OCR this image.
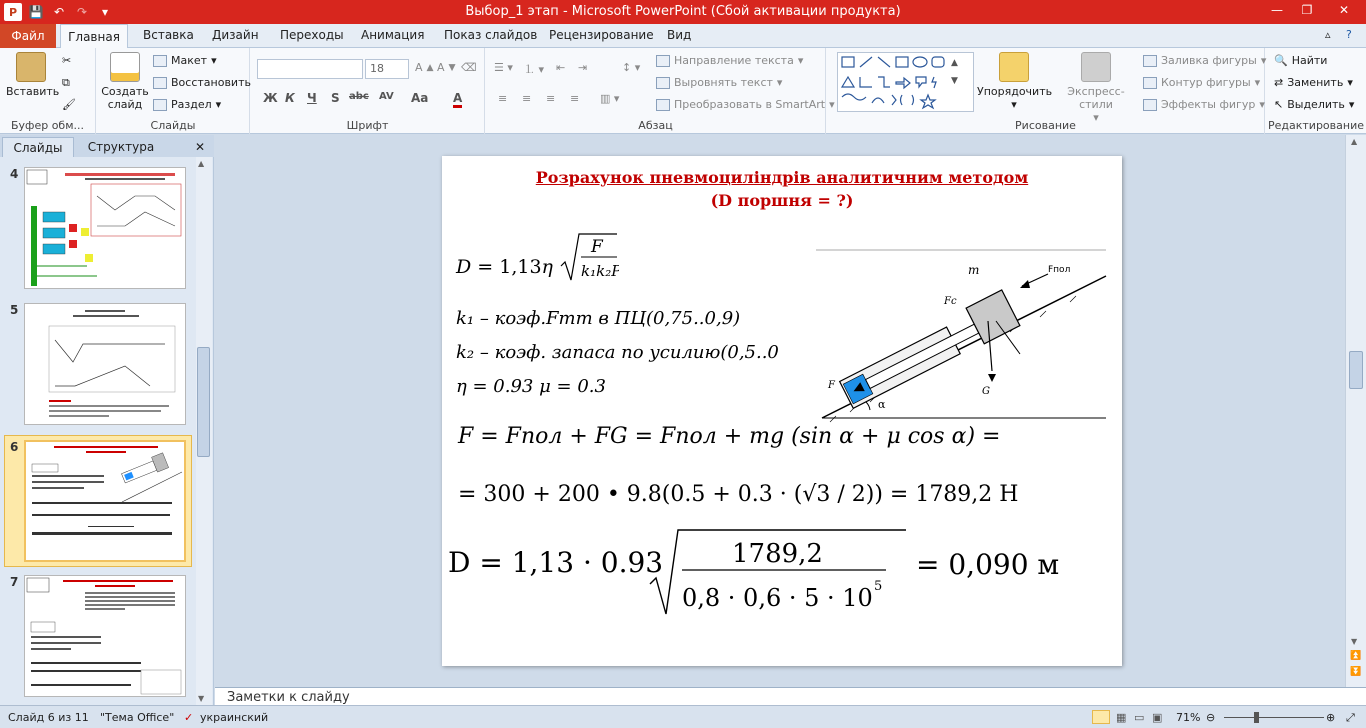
P 💾 ↶	↷	▾	Выбор_1 этап - Microsoft PowerPoint (Сбой активации продукта)	—	❐	✕
Файл	Главная	Вставка Дизайн Переходы Анимация Показ слайдов Рецензирование Вид	▵ ?
Вставить
✂
⧉
🖌
Буфер обм...
Создать
слайд
Макет ▾
Восстановить
Раздел ▾
Слайды
18	A ▲ A ▼ ⌫
Ж К Ч S abc AV Aa A
Шрифт
☰ ▾ ⒈ ▾ ⇤ ⇥	↕ ▾
≡ ≡ ≡ ≡ ▥ ▾
Направление текста ▾
Выровнять текст ▾
Преобразовать в SmartArt ▾
Абзац
▲
▼
Упорядочить
▾
Экспресс-стили
▾
Заливка фигуры ▾
Контур фигуры ▾
Эффекты фигур ▾
Рисование
🔍 Найти
⇄ Заменить ▾
↖ Выделить ▾
Редактирование
Слайды	Структура	✕
4
5
6
7
▲
▼
Розрахунок пневмоциліндрів аналитичним методом
(D поршня = ?)
D = 1,13η
F
k₁k₂P
k₁ – коэф.Fтт в ПЦ(0,75..0,9)
k₂ – коэф. запаса по усилию(0,5..0
η = 0.93 μ = 0.3
α
m	Fпол
Fc
G
F
F = Fпол + FG = Fпол + mg (sin α + μ cos α) =
= 300 + 200 • 9.8(0.5 + 0.3 · (√3 / 2)) = 1789,2 H
D = 1,13 · 0.93	1789,2
0,8 · 0,6 · 5 · 10 5
= 0,090 м
▲
▼
⏫
⏬
Заметки к слайду
Слайд 6 из 11 "Тема Office" ✓ украинский	▦ ▭ ▣ 71% ⊖	⊕ ⤢
